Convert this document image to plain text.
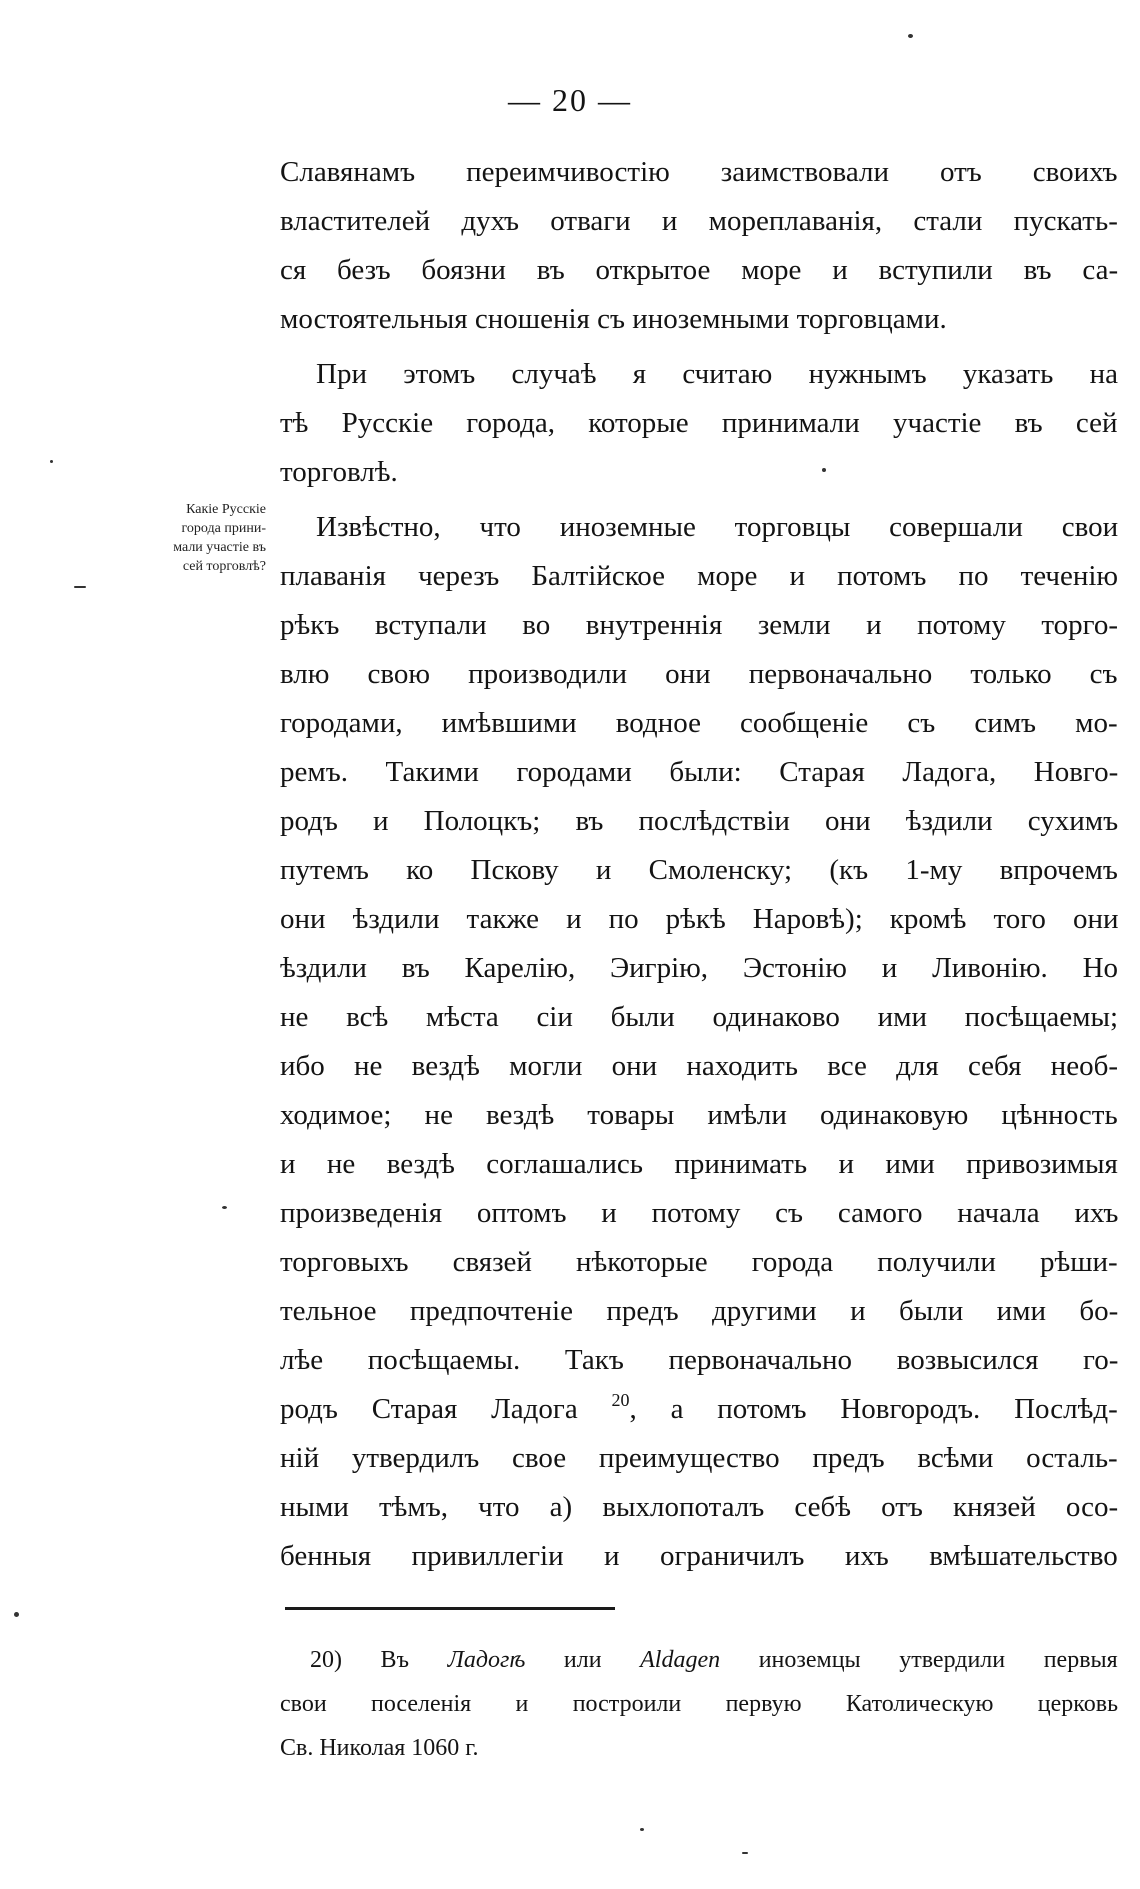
— 20 —
Какiе Русскiе
города прини-
мали участiе въ
сей торговлѣ?
Славянамъ переимчивостiю заимствовали отъ своихъ
властителей духъ отваги и мореплаванiя, стали пускать-
ся безъ боязни въ открытое море и вступили въ са-
мостоятельныя сношенiя съ иноземными торговцами.
При этомъ случаѣ я считаю нужнымъ указать на
тѣ Русскiе города, которые принимали участiе въ сей
торговлѣ.
Извѣстно, что иноземные торговцы совершали свои
плаванiя черезъ Балтiйское море и потомъ по теченiю
рѣкъ вступали во внутреннiя земли и потому торго-
влю свою производили они первоначально только съ
городами, имѣвшими водное сообщенiе съ симъ мо-
ремъ. Такими городами были: Старая Ладога, Новго-
родъ и Полоцкъ; въ послѣдствiи они ѣздили сухимъ
путемъ ко Пскову и Смоленску; (къ 1-му впрочемъ
они ѣздили также и по рѣкѣ Наровѣ); кромѣ того они
ѣздили въ Карелiю, Эигрiю, Эстонiю и Ливонiю. Но
не всѣ мѣста сiи были одинаково ими посѣщаемы;
ибо не вездѣ могли они находить все для себя необ-
ходимое; не вездѣ товары имѣли одинаковую цѣнность
и не вездѣ соглашались принимать и ими привозимыя
произведенiя оптомъ и потому съ самого начала ихъ
торговыхъ связей нѣкоторые города получили рѣши-
тельное предпочтенiе предъ другими и были ими бо-
лѣе посѣщаемы. Такъ первоначально возвысился го-
родъ Старая Ладога $^{20}$, а потомъ Новгородъ. Послѣд-
нiй утвердилъ свое преимущество предъ всѣми осталь-
ными тѣмъ, что а) выхлопоталъ себѣ отъ князей осо-
бенныя привиллегiи и ограничилъ ихъ вмѣшательство
20) Въ Ладогѣ или Aldagen иноземцы утвердили первыя
свои поселенiя и построили первую Католическую церковь
Св. Николая 1060 г.
